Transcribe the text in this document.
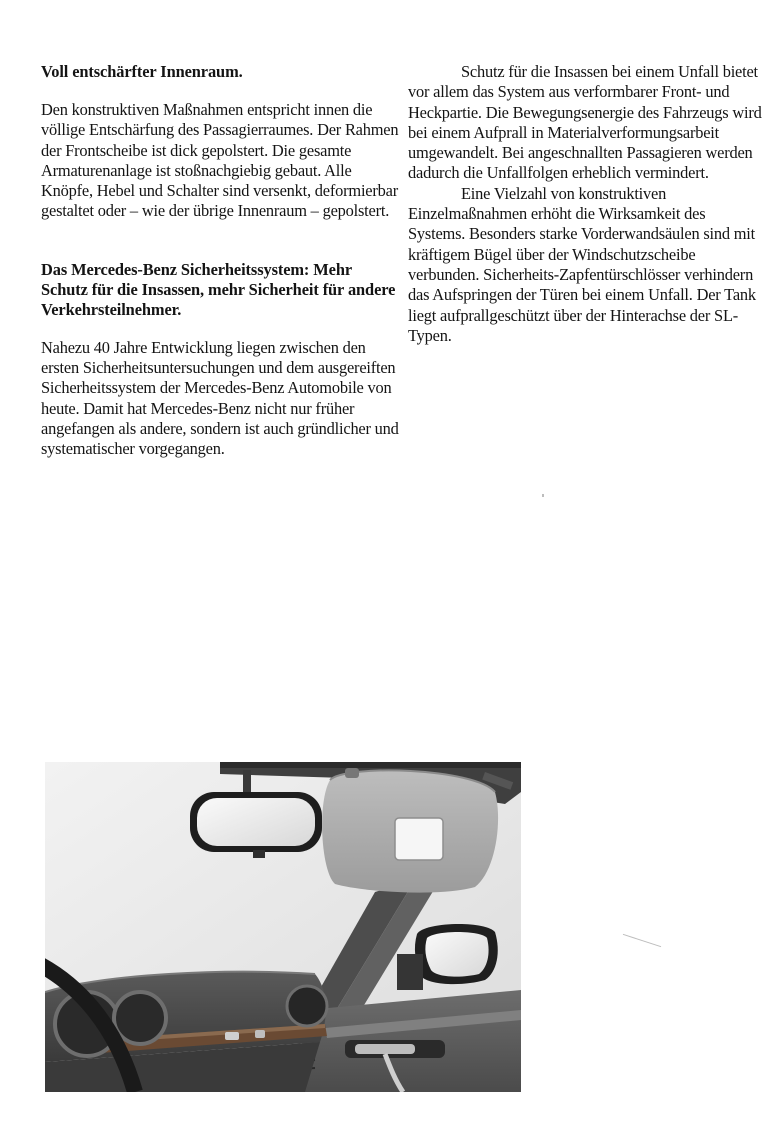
Voll entschärfter Innenraum.

Den konstruktiven Maßnahmen entspricht innen die völlige Entschärfung des Passagierraumes. Der Rahmen der Frontscheibe ist dick gepolstert. Die gesamte Armaturenanlage ist stoßnachgiebig gebaut. Alle Knöpfe, Hebel und Schalter sind versenkt, deformierbar gestaltet oder – wie der übrige Innenraum – gepolstert.

Das Mercedes-Benz Sicherheitssystem: Mehr Schutz für die Insassen, mehr Sicherheit für andere Verkehrsteilnehmer.

Nahezu 40 Jahre Entwicklung liegen zwischen den ersten Sicherheitsuntersuchungen und dem ausgereiften Sicherheitssystem der Mercedes-Benz Automobile von heute. Damit hat Mercedes-Benz nicht nur früher angefangen als andere, sondern ist auch gründlicher und systematischer vorgegangen.

Schutz für die Insassen bei einem Unfall bietet vor allem das System aus verformbarer Front- und Heckpartie. Die Bewegungsenergie des Fahrzeugs wird bei einem Aufprall in Materialverformungsarbeit umgewandelt. Bei angeschnallten Passagieren werden dadurch die Unfallfolgen erheblich vermindert.

Eine Vielzahl von konstruktiven Einzelmaßnahmen erhöht die Wirksamkeit des Systems. Besonders starke Vorderwandsäulen sind mit kräftigem Bügel über der Windschutzscheibe verbunden. Sicherheits-Zapfentürschlösser verhindern das Aufspringen der Türen bei einem Unfall. Der Tank liegt aufprallgeschützt über der Hinterachse der SL-Typen.
